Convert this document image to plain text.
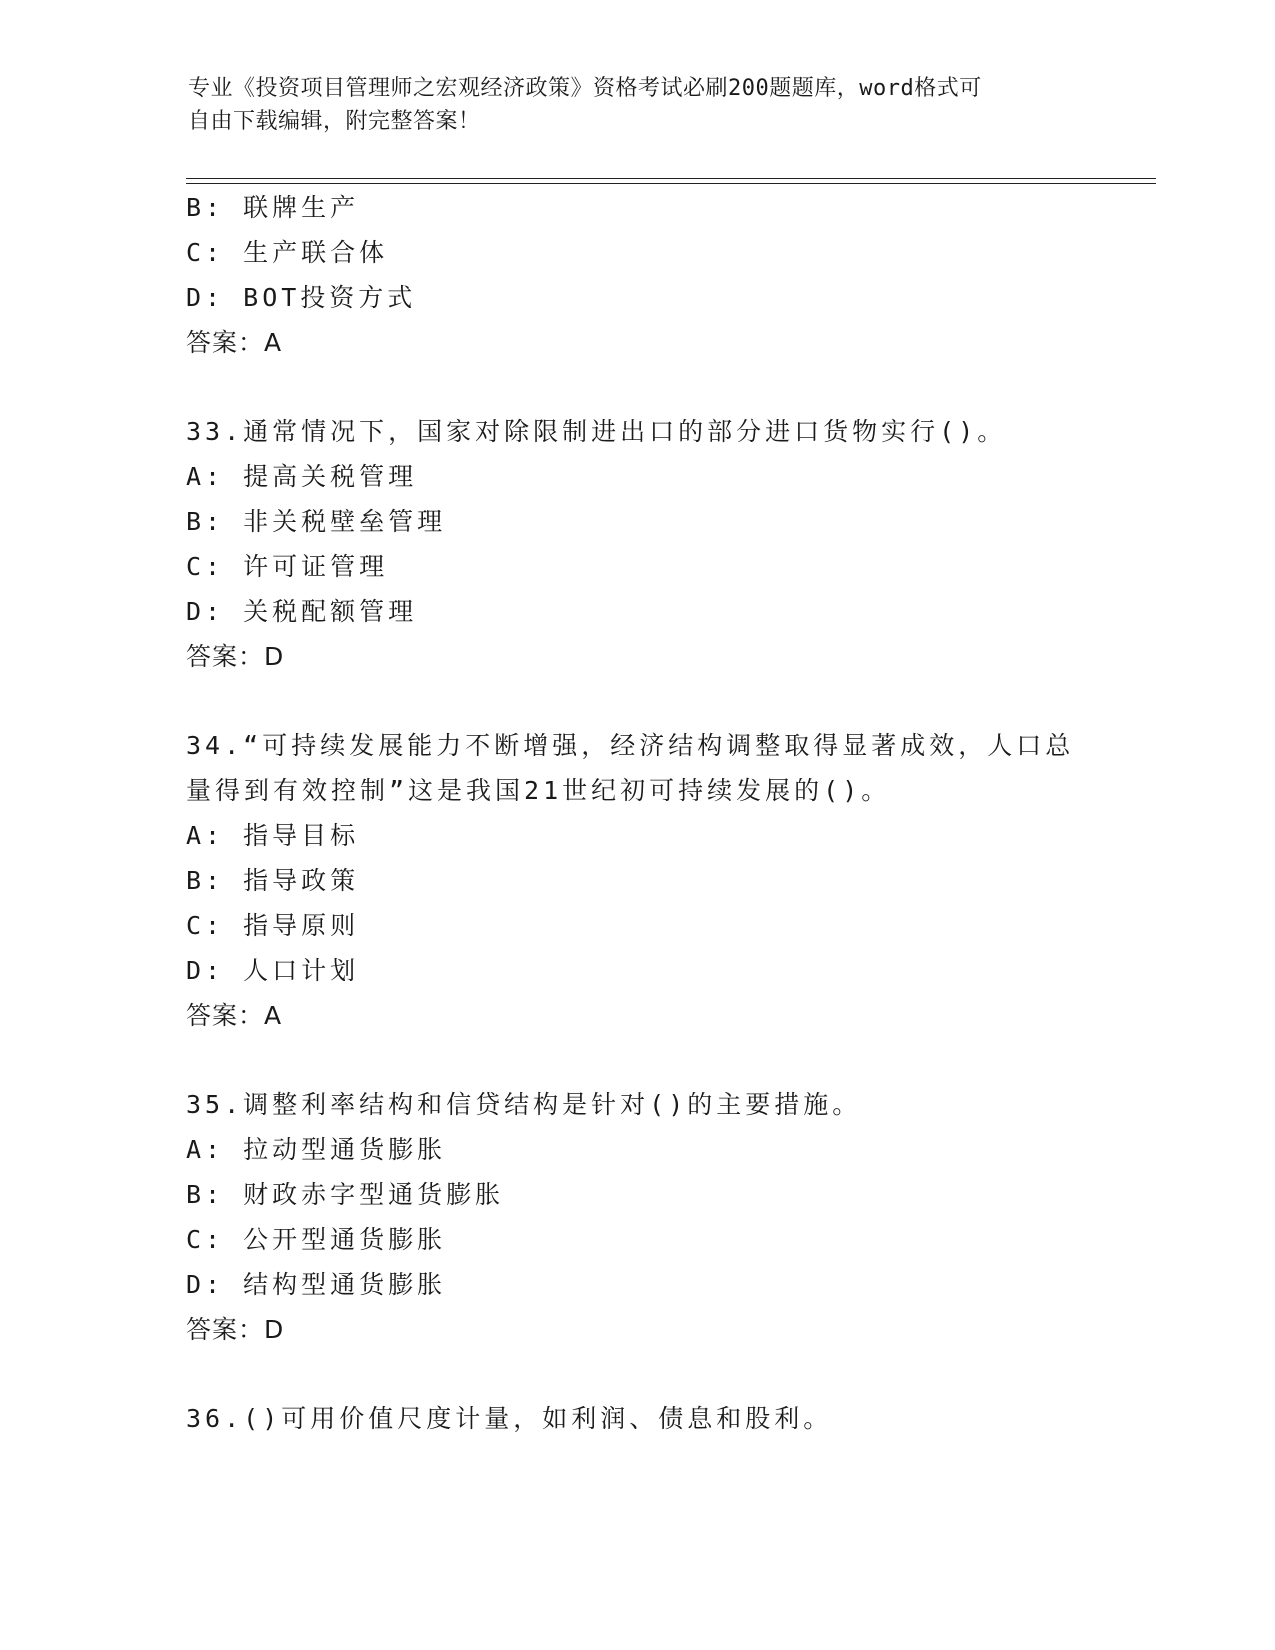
专业《投资项目管理师之宏观经济政策》资格考试必刷200题题库，word格式可
自由下载编辑，附完整答案！
B: 联牌生产
C: 生产联合体
D: BOT投资方式
答案：A
33.通常情况下，国家对除限制进出口的部分进口货物实行()。
A: 提高关税管理
B: 非关税壁垒管理
C: 许可证管理
D: 关税配额管理
答案：D
34.“可持续发展能力不断增强，经济结构调整取得显著成效，人口总
量得到有效控制”这是我国21世纪初可持续发展的()。
A: 指导目标
B: 指导政策
C: 指导原则
D: 人口计划
答案：A
35.调整利率结构和信贷结构是针对()的主要措施。
A: 拉动型通货膨胀
B: 财政赤字型通货膨胀
C: 公开型通货膨胀
D: 结构型通货膨胀
答案：D
36.()可用价值尺度计量，如利润、债息和股利。
